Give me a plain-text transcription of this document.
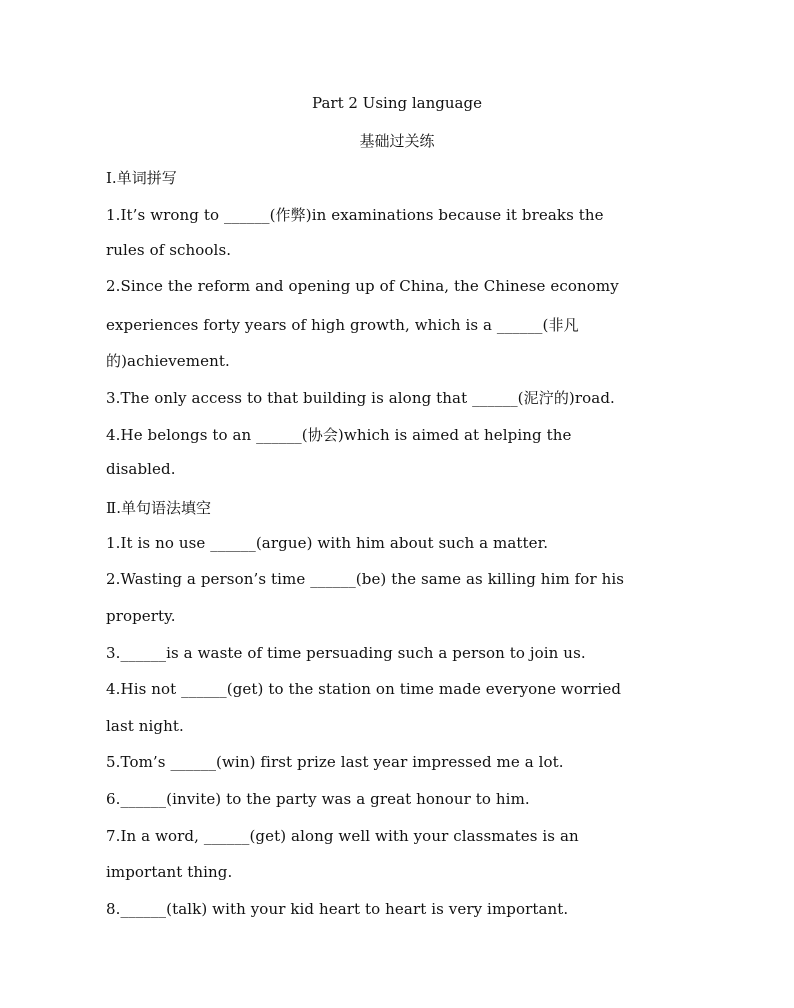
Part 2 Using language
基础过关练
Ⅰ.单词拼写
1.It’s wrong to ______(作弊)in examinations because it breaks the
rules of schools.
2.Since the reform and opening up of China, the Chinese economy
experiences forty years of high growth, which is a ______(非凡
的)achievement.
3.The only access to that building is along that ______(泥泞的)road.
4.He belongs to an ______(协会)which is aimed at helping the
disabled.
Ⅱ.单句语法填空
1.It is no use ______(argue) with him about such a matter.
2.Wasting a person’s time ______(be) the same as killing him for his
property.
3.______is a waste of time persuading such a person to join us.
4.His not ______(get) to the station on time made everyone worried
last night.
5.Tom’s ______(win) first prize last year impressed me a lot.
6.______(invite) to the party was a great honour to him.
7.In a word, ______(get) along well with your classmates is an
important thing.
8.______(talk) with your kid heart to heart is very important.
